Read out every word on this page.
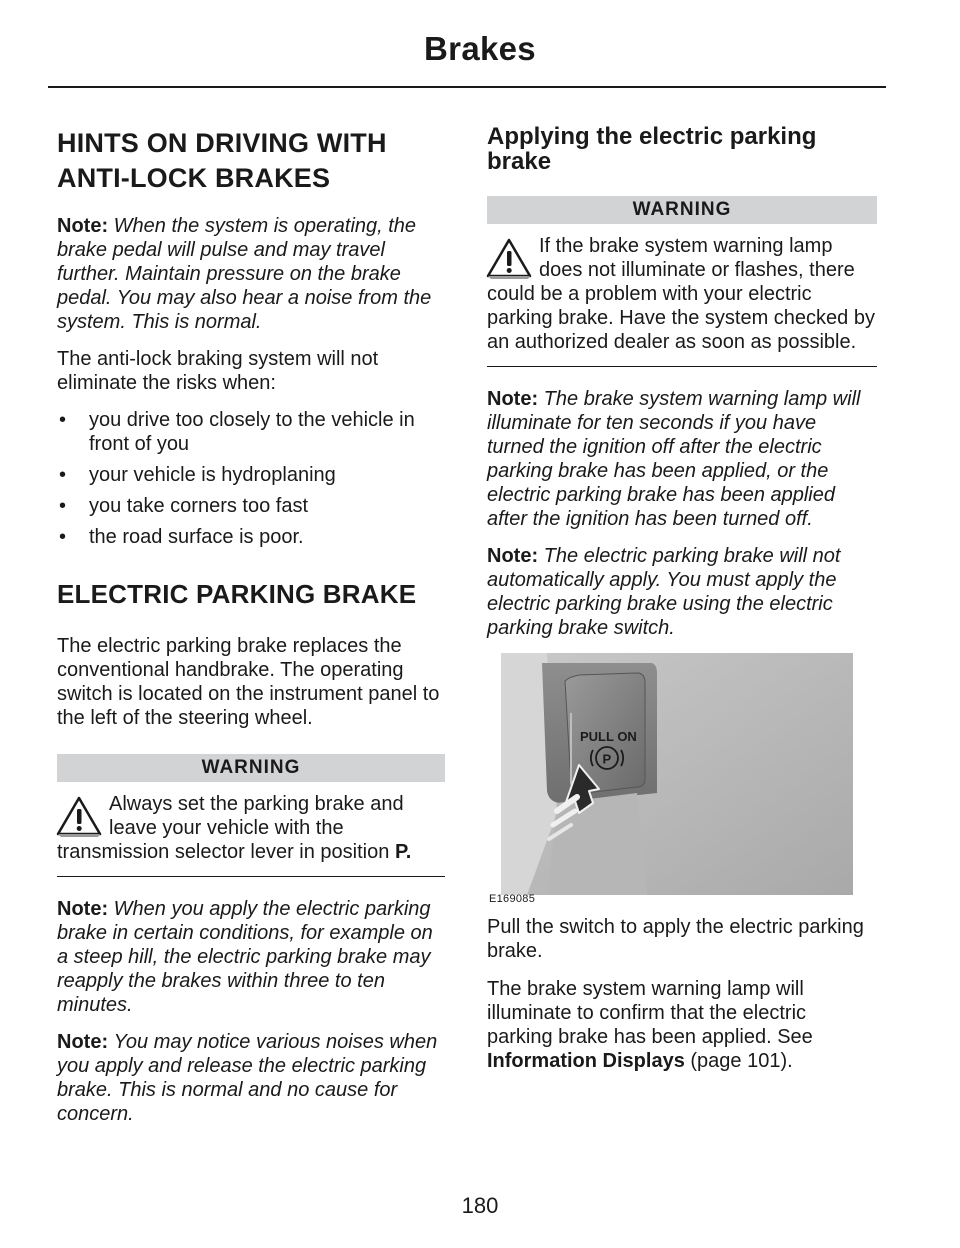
Brakes
HINTS ON DRIVING WITH ANTI-LOCK BRAKES

Note: When the system is operating, the brake pedal will pulse and may travel further. Maintain pressure on the brake pedal. You may also hear a noise from the system. This is normal.

The anti-lock braking system will not eliminate the risks when:

• you drive too closely to the vehicle in front of you
• your vehicle is hydroplaning
• you take corners too fast
• the road surface is poor.
ELECTRIC PARKING BRAKE

The electric parking brake replaces the conventional handbrake. The operating switch is located on the instrument panel to the left of the steering wheel.

WARNING
Always set the parking brake and leave your vehicle with the transmission selector lever in position P.

Note: When you apply the electric parking brake in certain conditions, for example on a steep hill, the electric parking brake may reapply the brakes within three to ten minutes.

Note: You may notice various noises when you apply and release the electric parking brake. This is normal and no cause for concern.

Applying the electric parking brake
WARNING
If the brake system warning lamp does not illuminate or flashes, there could be a problem with your electric parking brake. Have the system checked by an authorized dealer as soon as possible.

Note: The brake system warning lamp will illuminate for ten seconds if you have turned the ignition off after the electric parking brake has been applied, or the electric parking brake has been applied after the ignition has been turned off.

Note: The electric parking brake will not automatically apply. You must apply the electric parking brake using the electric parking brake switch.

PULL ON
P
E169085

Pull the switch to apply the electric parking brake.

The brake system warning lamp will illuminate to confirm that the electric parking brake has been applied. See Information Displays (page 101).

180
